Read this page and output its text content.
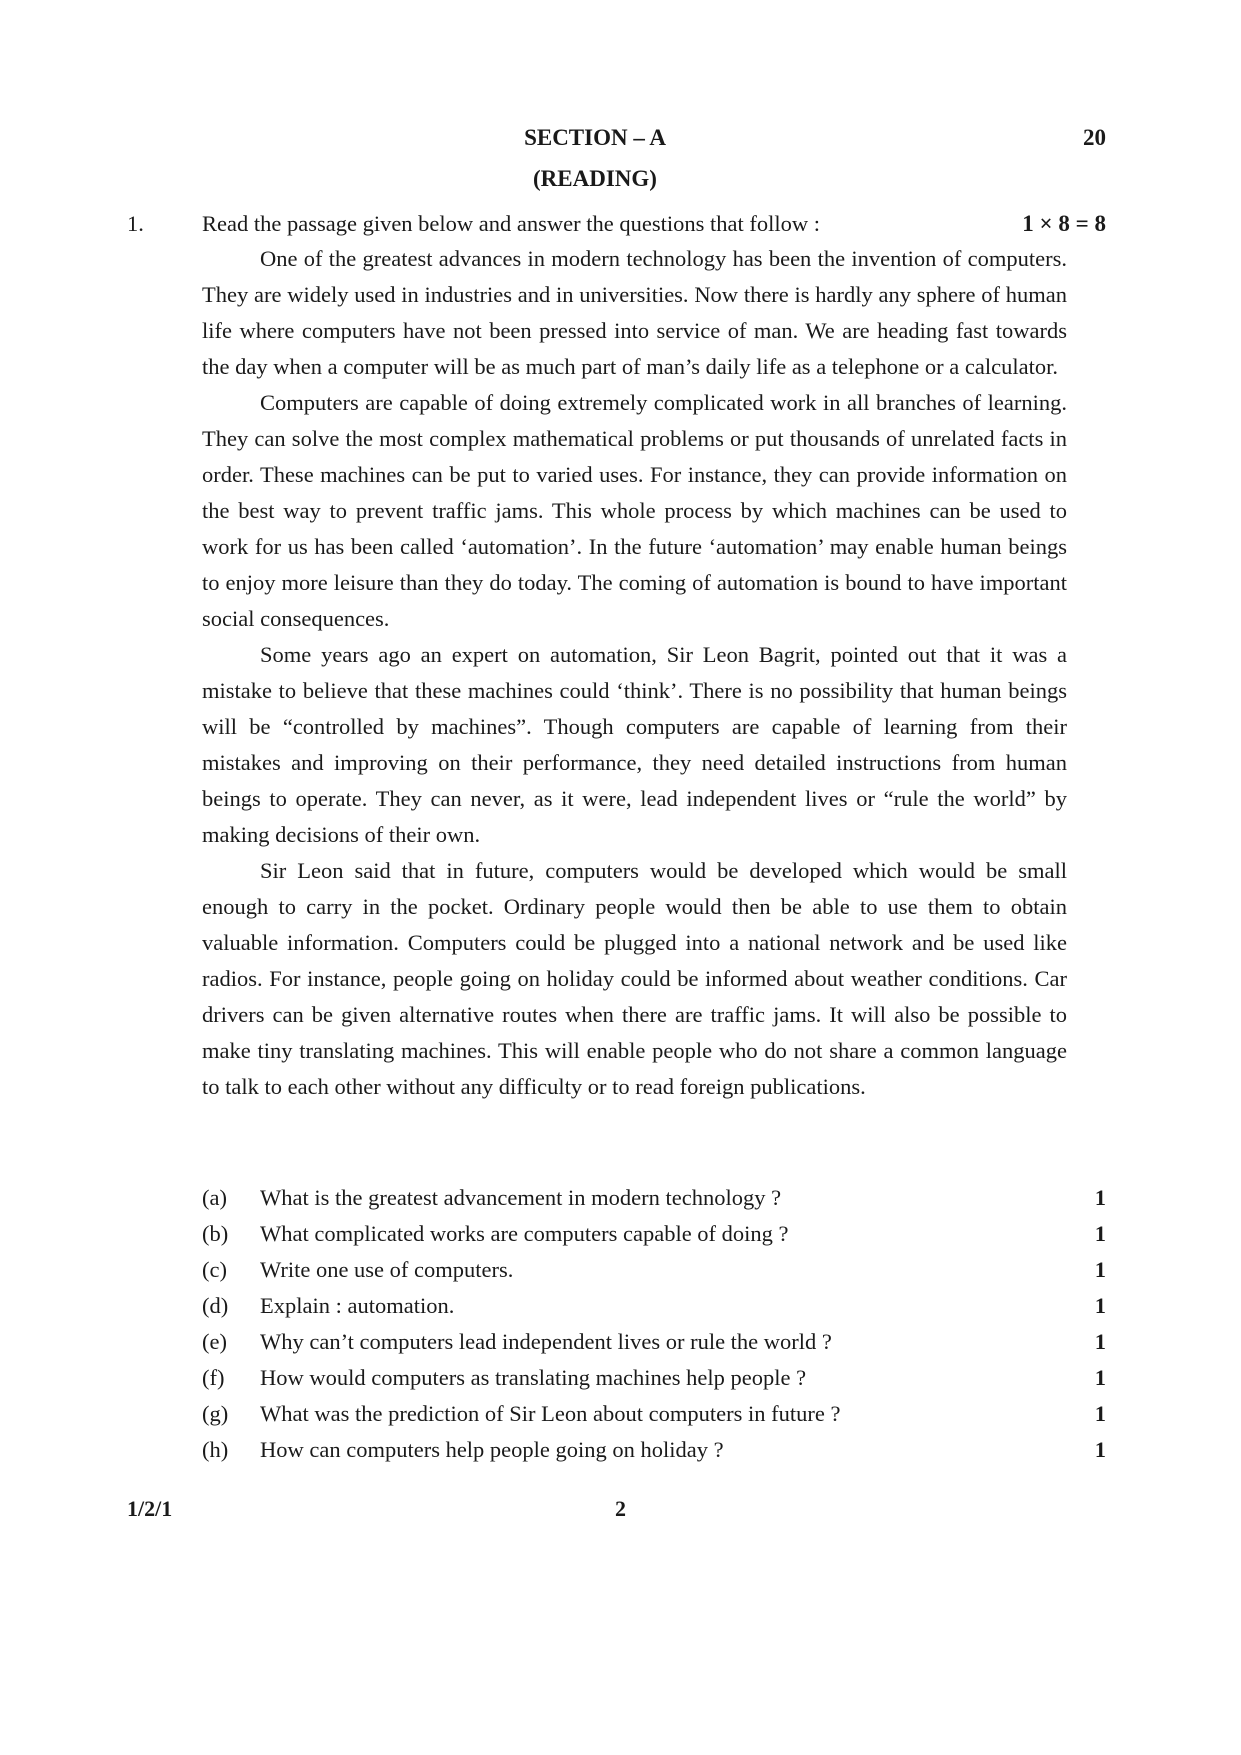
SECTION – A	20
(READING)
1.	Read the passage given below and answer the questions that follow :	1 × 8 = 8

One of the greatest advances in modern technology has been the invention of computers. They are widely used in industries and in universities. Now there is hardly any sphere of human life where computers have not been pressed into service of man. We are heading fast towards the day when a computer will be as much part of man’s daily life as a telephone or a calculator.

Computers are capable of doing extremely complicated work in all branches of learning. They can solve the most complex mathematical problems or put thousands of unrelated facts in order. These machines can be put to varied uses. For instance, they can provide information on the best way to prevent traffic jams. This whole process by which machines can be used to work for us has been called ‘automation’. In the future ‘automation’ may enable human beings to enjoy more leisure than they do today. The coming of automation is bound to have important social consequences.

Some years ago an expert on automation, Sir Leon Bagrit, pointed out that it was a mistake to believe that these machines could ‘think’. There is no possibility that human beings will be “controlled by machines”. Though computers are capable of learning from their mistakes and improving on their performance, they need detailed instructions from human beings to operate. They can never, as it were, lead independent lives or “rule the world” by making decisions of their own.

Sir Leon said that in future, computers would be developed which would be small enough to carry in the pocket. Ordinary people would then be able to use them to obtain valuable information. Computers could be plugged into a national network and be used like radios. For instance, people going on holiday could be informed about weather conditions. Car drivers can be given alternative routes when there are traffic jams. It will also be possible to make tiny translating machines. This will enable people who do not share a common language to talk to each other without any difficulty or to read foreign publications.

(a)	What is the greatest advancement in modern technology ?	1
(b)	What complicated works are computers capable of doing ?	1
(c)	Write one use of computers.	1
(d)	Explain : automation.	1
(e)	Why can’t computers lead independent lives or rule the world ?	1
(f)	How would computers as translating machines help people ?	1
(g)	What was the prediction of Sir Leon about computers in future ?	1
(h)	How can computers help people going on holiday ?	1
1/2/1	2
